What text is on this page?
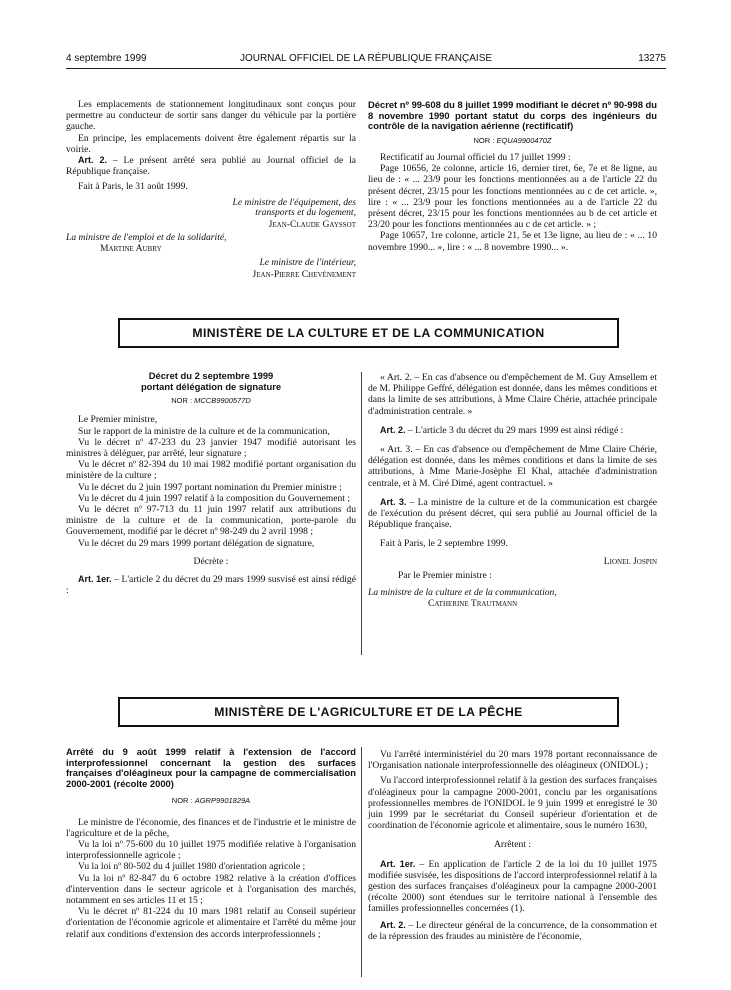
4 septembre 1999	JOURNAL OFFICIEL DE LA RÉPUBLIQUE FRANÇAISE	13275

Les emplacements de stationnement longitudinaux sont conçus pour permettre au conducteur de sortir sans danger du véhicule par la portière gauche.

En principe, les emplacements doivent être également répartis sur la voirie.

Art. 2. – Le présent arrêté sera publié au Journal officiel de la République française.

Fait à Paris, le 31 août 1999.

Le ministre de l'équipement, des transports et du logement,

Jean-Claude Gayssot

La ministre de l'emploi et de la solidarité,

Martine Aubry

Le ministre de l'intérieur,

Jean-Pierre Chevènement

Décret nº 99-608 du 8 juillet 1999 modifiant le décret nº 90-998 du 8 novembre 1990 portant statut du corps des ingénieurs du contrôle de la navigation aérienne (rectificatif)
NOR : EQUA9900470Z

Rectificatif au Journal officiel du 17 juillet 1999 :

Page 10656, 2e colonne, article 16, dernier tiret, 6e, 7e et 8e ligne, au lieu de : « ... 23/9 pour les fonctions mentionnées au a de l'article 22 du présent décret, 23/15 pour les fonctions mentionnées au c de cet article. », lire : « ... 23/9 pour les fonctions mentionnées au a de l'article 22 du présent décret, 23/15 pour les fonctions mentionnées au b de cet article et 23/20 pour les fonctions mentionnées au c de cet article. » ;

Page 10657, 1re colonne, article 21, 5e et 13e ligne, au lieu de : « ... 10 novembre 1990... », lire : « ... 8 novembre 1990... ».

MINISTÈRE DE LA CULTURE ET DE LA COMMUNICATION
Décret du 2 septembre 1999
portant délégation de signature
NOR : MCCB9900577D

Le Premier ministre,

Sur le rapport de la ministre de la culture et de la communication,

Vu le décret nº 47-233 du 23 janvier 1947 modifié autorisant les ministres à déléguer, par arrêté, leur signature ;

Vu le décret nº 82-394 du 10 mai 1982 modifié portant organisation du ministère de la culture ;

Vu le décret du 2 juin 1997 portant nomination du Premier ministre ;

Vu le décret du 4 juin 1997 relatif à la composition du Gouvernement ;

Vu le décret nº 97-713 du 11 juin 1997 relatif aux attributions du ministre de la culture et de la communication, porte-parole du Gouvernement, modifié par le décret nº 98-249 du 2 avril 1998 ;

Vu le décret du 29 mars 1999 portant délégation de signature,

Décrète :

Art. 1er. – L'article 2 du décret du 29 mars 1999 susvisé est ainsi rédigé :

« Art. 2. – En cas d'absence ou d'empêchement de M. Guy Amsellem et de M. Philippe Geffré, délégation est donnée, dans les mêmes conditions et dans la limite de ses attributions, à Mme Claire Chérie, attachée principale d'administration centrale. »

Art. 2. – L'article 3 du décret du 29 mars 1999 est ainsi rédigé :

« Art. 3. – En cas d'absence ou d'empêchement de Mme Claire Chérie, délégation est donnée, dans les mêmes conditions et dans la limite de ses attributions, à Mme Marie-Josèphe El Khal, attachée d'administration centrale, et à M. Ciré Dimé, agent contractuel. »

Art. 3. – La ministre de la culture et de la communication est chargée de l'exécution du présent décret, qui sera publié au Journal officiel de la République française.

Fait à Paris, le 2 septembre 1999.

Lionel Jospin

Par le Premier ministre :

La ministre de la culture et de la communication,

Catherine Trautmann

MINISTÈRE DE L'AGRICULTURE ET DE LA PÊCHE
Arrêté du 9 août 1999 relatif à l'extension de l'accord interprofessionnel concernant la gestion des surfaces françaises d'oléagineux pour la campagne de commercialisation 2000-2001 (récolte 2000)
NOR : AGRP9901829A

Le ministre de l'économie, des finances et de l'industrie et le ministre de l'agriculture et de la pêche,

Vu la loi nº 75-600 du 10 juillet 1975 modifiée relative à l'organisation interprofessionnelle agricole ;

Vu la loi nº 80-502 du 4 juillet 1980 d'orientation agricole ;

Vu la loi nº 82-847 du 6 octobre 1982 relative à la création d'offices d'intervention dans le secteur agricole et à l'organisation des marchés, notamment en ses articles 11 et 15 ;

Vu le décret nº 81-224 du 10 mars 1981 relatif au Conseil supérieur d'orientation de l'économie agricole et alimentaire et l'arrêté du même jour relatif aux conditions d'extension des accords interprofessionnels ;

Vu l'arrêté interministériel du 20 mars 1978 portant reconnaissance de l'Organisation nationale interprofessionnelle des oléagineux (ONIDOL) ;

Vu l'accord interprofessionnel relatif à la gestion des surfaces françaises d'oléagineux pour la campagne 2000-2001, conclu par les organisations professionnelles membres de l'ONIDOL le 9 juin 1999 et enregistré le 30 juin 1999 par le secrétariat du Conseil supérieur d'orientation et de coordination de l'économie agricole et alimentaire, sous le numéro 1630,

Arrêtent :

Art. 1er. – En application de l'article 2 de la loi du 10 juillet 1975 modifiée susvisée, les dispositions de l'accord interprofessionnel relatif à la gestion des surfaces françaises d'oléagineux pour la campagne 2000-2001 (récolte 2000) sont étendues sur le territoire national à l'ensemble des familles professionnelles concernées (1).

Art. 2. – Le directeur général de la concurrence, de la consommation et de la répression des fraudes au ministère de l'économie,
